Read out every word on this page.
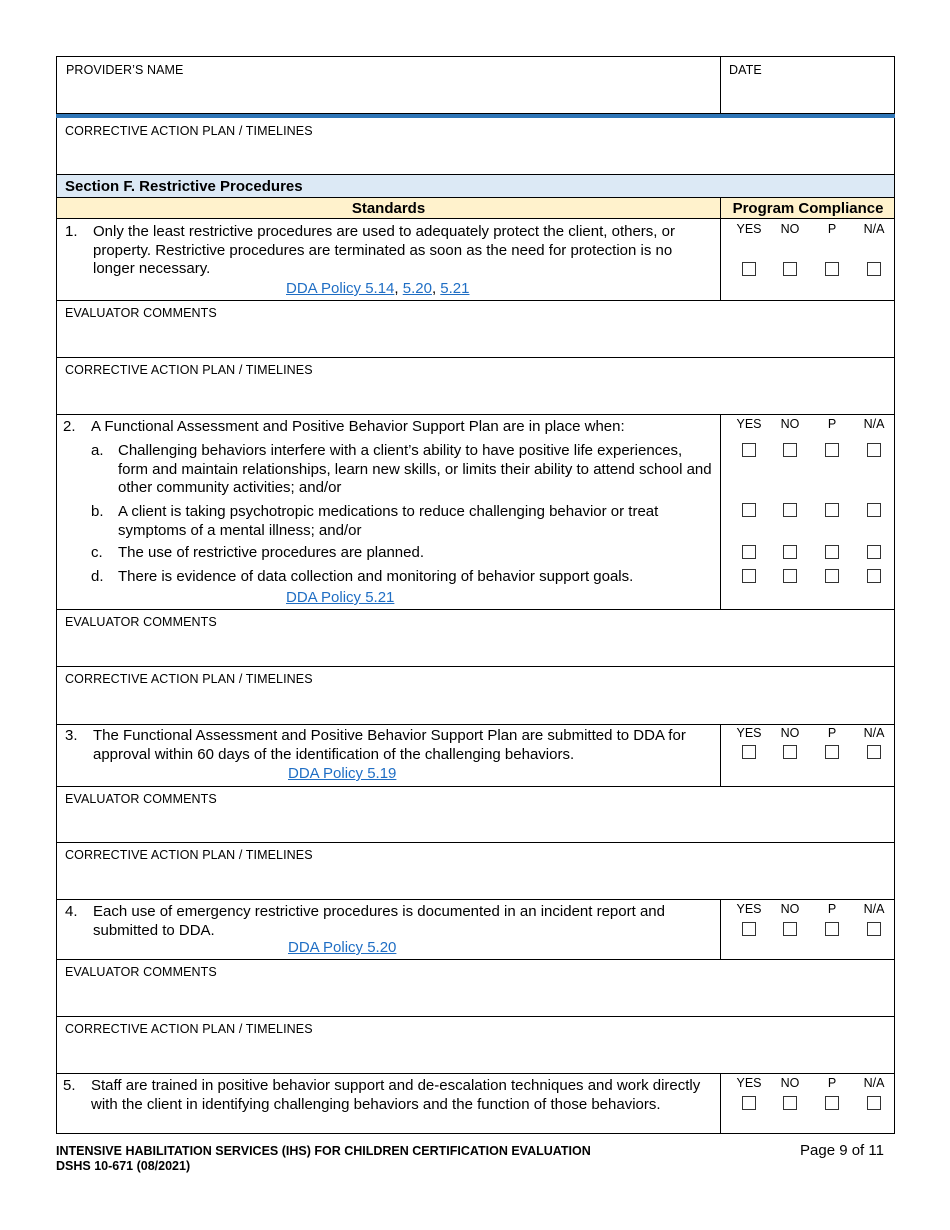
PROVIDER’S NAME	DATE
CORRECTIVE ACTION PLAN / TIMELINES
Section F. Restrictive Procedures
Standards	Program Compliance
1. Only the least restrictive procedures are used to adequately protect the client, others, or property. Restrictive procedures are terminated as soon as the need for protection is no longer necessary.
DDA Policy 5.14, 5.20, 5.21
YES	NO	P	N/A
EVALUATOR COMMENTS
CORRECTIVE ACTION PLAN / TIMELINES
2. A Functional Assessment and Positive Behavior Support Plan are in place when:
a. Challenging behaviors interfere with a client’s ability to have positive life experiences, form and maintain relationships, learn new skills, or limits their ability to attend school and other community activities; and/or
b. A client is taking psychotropic medications to reduce challenging behavior or treat symptoms of a mental illness; and/or
c. The use of restrictive procedures are planned.
d. There is evidence of data collection and monitoring of behavior support goals.
DDA Policy 5.21
YES	NO	P	N/A
EVALUATOR COMMENTS
CORRECTIVE ACTION PLAN / TIMELINES
3. The Functional Assessment and Positive Behavior Support Plan are submitted to DDA for approval within 60 days of the identification of the challenging behaviors.
DDA Policy 5.19
YES	NO	P	N/A
EVALUATOR COMMENTS
CORRECTIVE ACTION PLAN / TIMELINES
4. Each use of emergency restrictive procedures is documented in an incident report and submitted to DDA.
DDA Policy 5.20
YES	NO	P	N/A
EVALUATOR COMMENTS
CORRECTIVE ACTION PLAN / TIMELINES
5. Staff are trained in positive behavior support and de-escalation techniques and work directly with the client in identifying challenging behaviors and the function of those behaviors.
YES	NO	P	N/A
INTENSIVE HABILITATION SERVICES (IHS) FOR CHILDREN CERTIFICATION EVALUATION
DSHS 10-671 (08/2021)
Page 9 of 11
